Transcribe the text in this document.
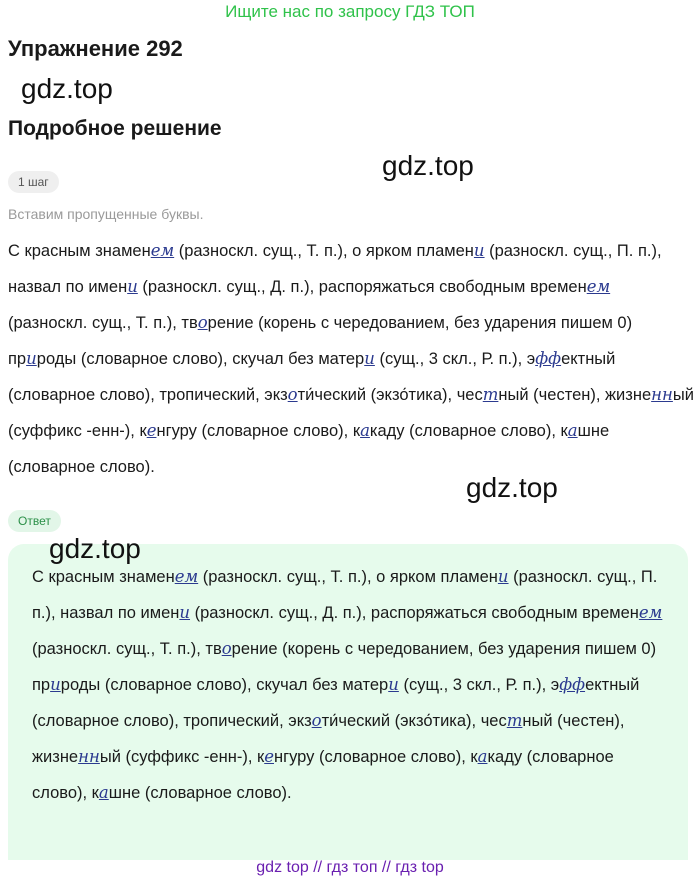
Ищите нас по запросу ГДЗ ТОП
Упражнение 292
gdz.top
Подробное решение
gdz.top
1 шаг
Вставим пропущенные буквы.

С красным знаменем (разноскл. сущ., Т. п.), о ярком пламени (разноскл. сущ., П. п.), назвал по имени (разноскл. сущ., Д. п.), распоряжаться свободным временем (разноскл. сущ., Т. п.), творение (корень с чередованием, без ударения пишем 0) природы (словарное слово), скучал без матери (сущ., 3 скл., Р. п.), эффектный (словарное слово), тропический, экзоти́ческий (экзо́тика), честный (честен), жизненный (суффикс -енн-), кенгуру (словарное слово), какаду (словарное слово), кашне (словарное слово).

gdz.top
Ответ

С красным знаменем (разноскл. сущ., Т. п.), о ярком пламени (разноскл. сущ., П. п.), назвал по имени (разноскл. сущ., Д. п.), распоряжаться свободным временем (разноскл. сущ., Т. п.), творение (корень с чередованием, без ударения пишем 0) природы (словарное слово), скучал без матери (сущ., 3 скл., Р. п.), эффектный (словарное слово), тропический, экзоти́ческий (экзо́тика), честный (честен), жизненный (суффикс -енн-), кенгуру (словарное слово), какаду (словарное слово), кашне (словарное слово).

gdz.top
gdz top // гдз топ // гдз top
